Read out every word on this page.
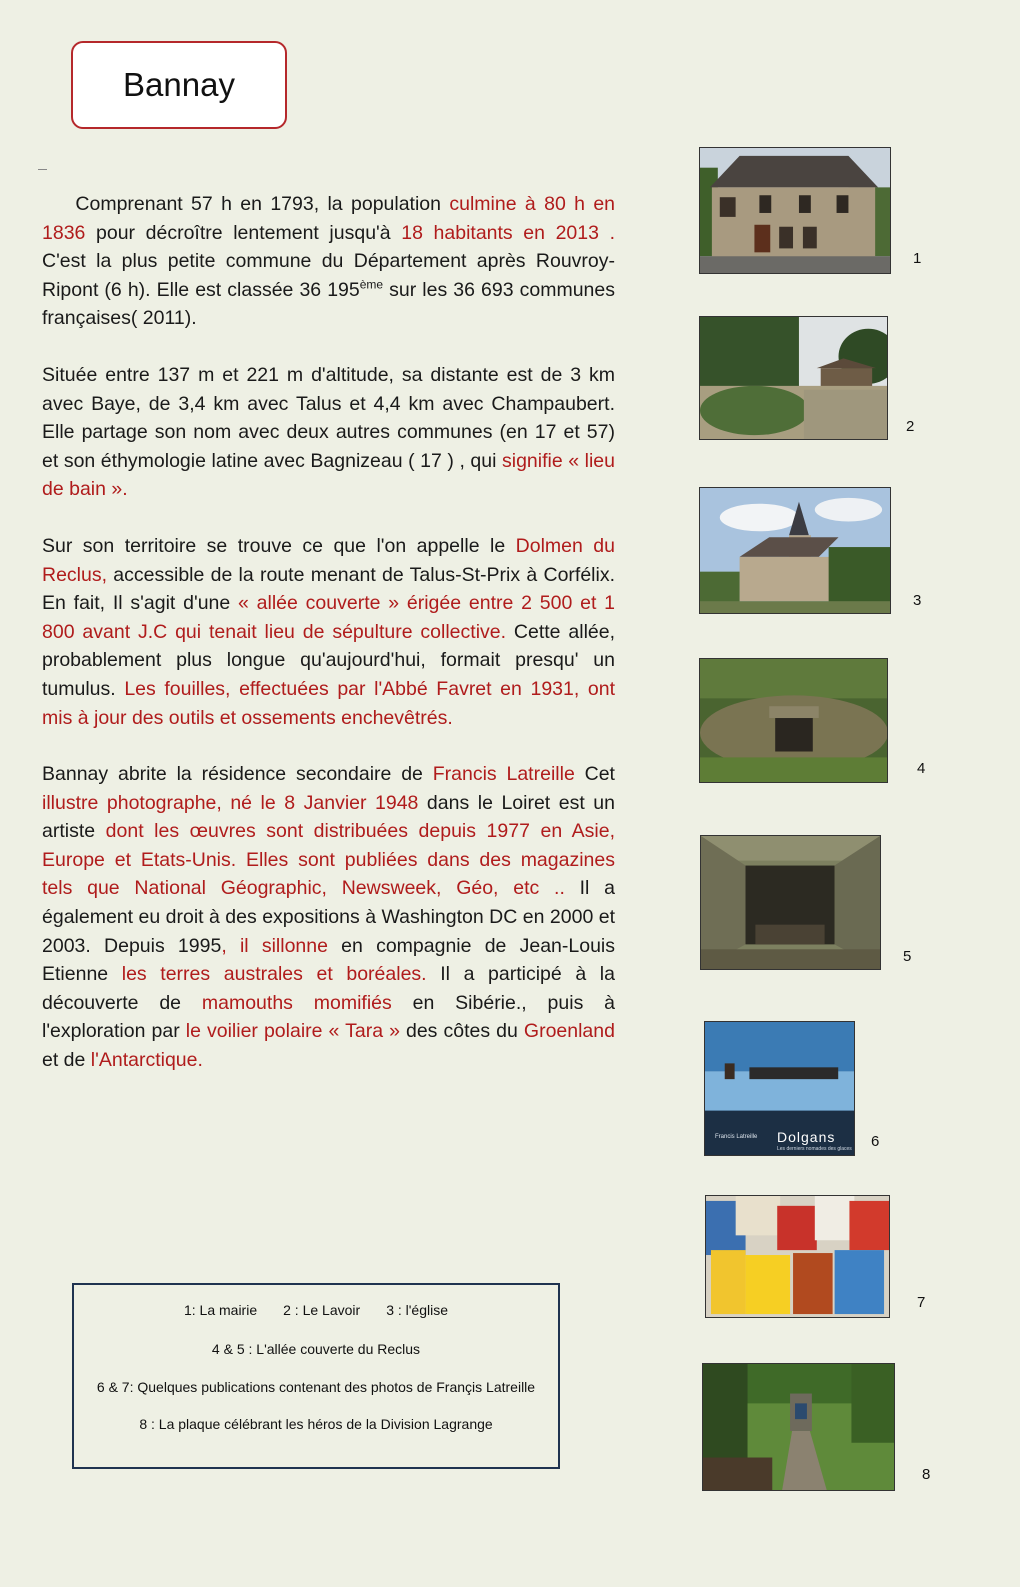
Bannay

Comprenant 57 h en 1793, la population culmine à 80 h en 1836 pour décroître lentement jusqu'à 18 habitants en 2013 . C'est la plus petite commune du Département après Rouvroy-Ripont (6 h). Elle est classée 36 195ème sur les 36 693 communes françaises( 2011).

Située entre 137 m et 221 m d'altitude, sa distante est de 3 km avec Baye, de 3,4 km avec Talus et 4,4 km avec Champaubert. Elle partage son nom avec deux autres communes (en 17 et 57) et son éthymologie latine avec Bagnizeau ( 17 ) , qui signifie « lieu de bain ».

Sur son territoire se trouve ce que l'on appelle le Dolmen du Reclus, accessible de la route menant de Talus-St-Prix à Corfélix. En fait, Il s'agit d'une « allée couverte » érigée entre 2 500 et 1 800 avant J.C qui tenait lieu de sépulture collective. Cette allée, probablement plus longue qu'aujourd'hui, formait presqu' un tumulus. Les fouilles, effectuées par l'Abbé Favret en 1931, ont mis à jour des outils et ossements enchevêtrés.

Bannay abrite la résidence secondaire de Francis Latreille Cet illustre photographe, né le 8 Janvier 1948 dans le Loiret est un artiste dont les œuvres sont distribuées depuis 1977 en Asie, Europe et Etats-Unis. Elles sont publiées dans des magazines tels que National Géographic, Newsweek, Géo, etc .. Il a également eu droit à des expositions à Washington DC en 2000 et 2003. Depuis 1995, il sillonne en compagnie de Jean-Louis Etienne les terres australes et boréales. Il a participé à la découverte de mamouths momifiés en Sibérie., puis à l'exploration par le voilier polaire « Tara » des côtes du Groenland et de l'Antarctique.

1
2
3
4
5
Francis Latreille Dolgans
Les derniers nomades des glaces 6
7
8
1: La mairie 2 : Le Lavoir 3 : l'église
4 & 5 : L'allée couverte du Reclus
6 & 7: Quelques publications contenant des photos de Françis Latreille
8 : La plaque célébrant les héros de la Division Lagrange
